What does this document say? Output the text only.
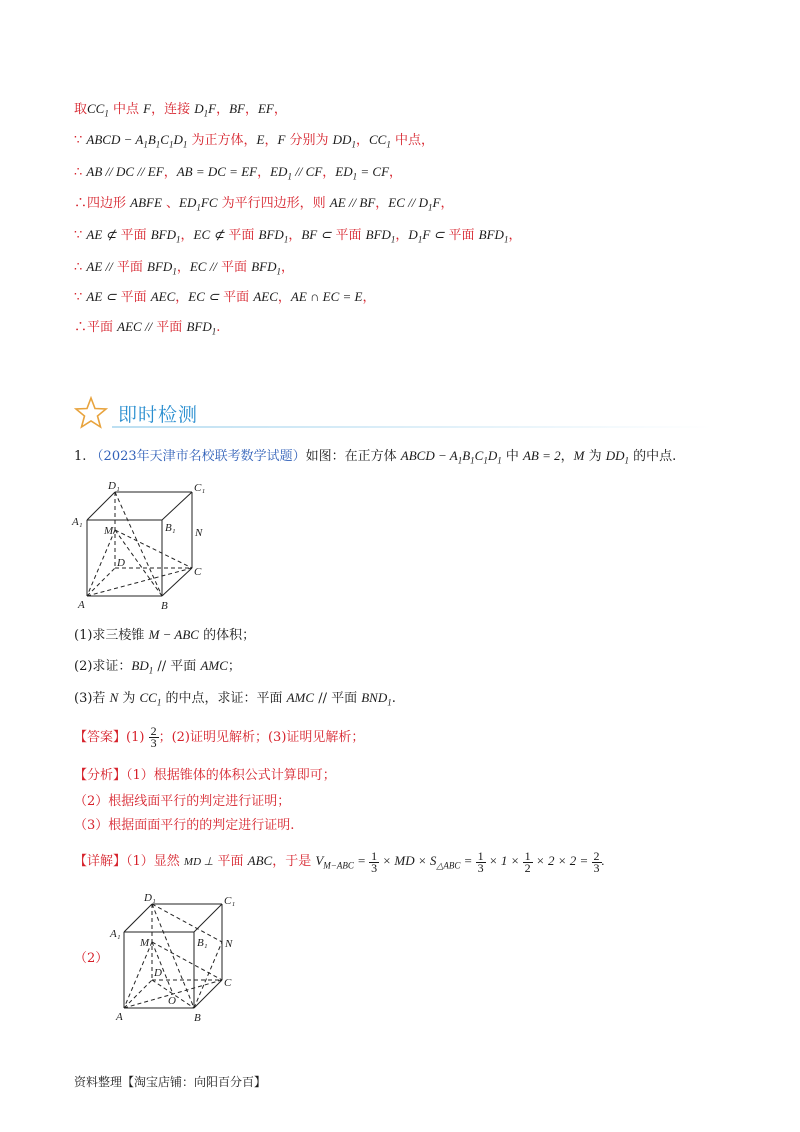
取$CC_1$ 中点 F，连接 $D_1F$，BF，EF，
∵ ABCD − $A_1B_1C_1D_1$ 为正方体，E，F 分别为 $DD_1$，$CC_1$ 中点，
∴ AB // DC // EF，AB = DC = EF，$ED_1$ // CF，$ED_1$ = CF，
∴四边形 ABFE 、$ED_1FC$ 为平行四边形，则 AE // BF，EC // $D_1F$，
∵ AE ⊄ 平面 $BFD_1$，EC ⊄ 平面 $BFD_1$，BF ⊂ 平面 $BFD_1$，$D_1F$ ⊂ 平面 $BFD_1$，
∴ AE // 平面 $BFD_1$，EC // 平面 $BFD_1$，
∵ AE ⊂ 平面 AEC，EC ⊂ 平面 AEC，AE ∩ EC = E，
∴平面 AEC // 平面 $BFD_1$.
即时检测
1. （2023年天津市名校联考数学试题）如图：在正方体 ABCD − $A_1B_1C_1D_1$ 中 AB = 2，M 为 $DD_1$ 的中点.
D₁	C₁
A₁	B₁
M	N
D
C
A	B
(1)求三棱锥 M − ABC 的体积；
(2)求证：$BD_1$ // 平面 AMC；
(3)若 N 为 $CC_1$ 的中点，求证：平面 AMC // 平面 $BND_1$.
【答案】(1) 2
3 ；(2)证明见解析；(3)证明见解析；
【分析】（1）根据锥体的体积公式计算即可；
（2）根据线面平行的判定进行证明；
（3）根据面面平行的的判定进行证明.
【详解】（1）显然 MD ⊥ 平面 ABC，于是 $V_{M-ABC} = 1$
3 × MD × $S_{\triangle ABC} = 1$
3 × 1 × 1
2 × 2 × 2 = 2
3 .
（2）
D₁	C₁
A₁
B₁
M	N
D
C
O
A	B
资料整理【淘宝店铺：向阳百分百】
